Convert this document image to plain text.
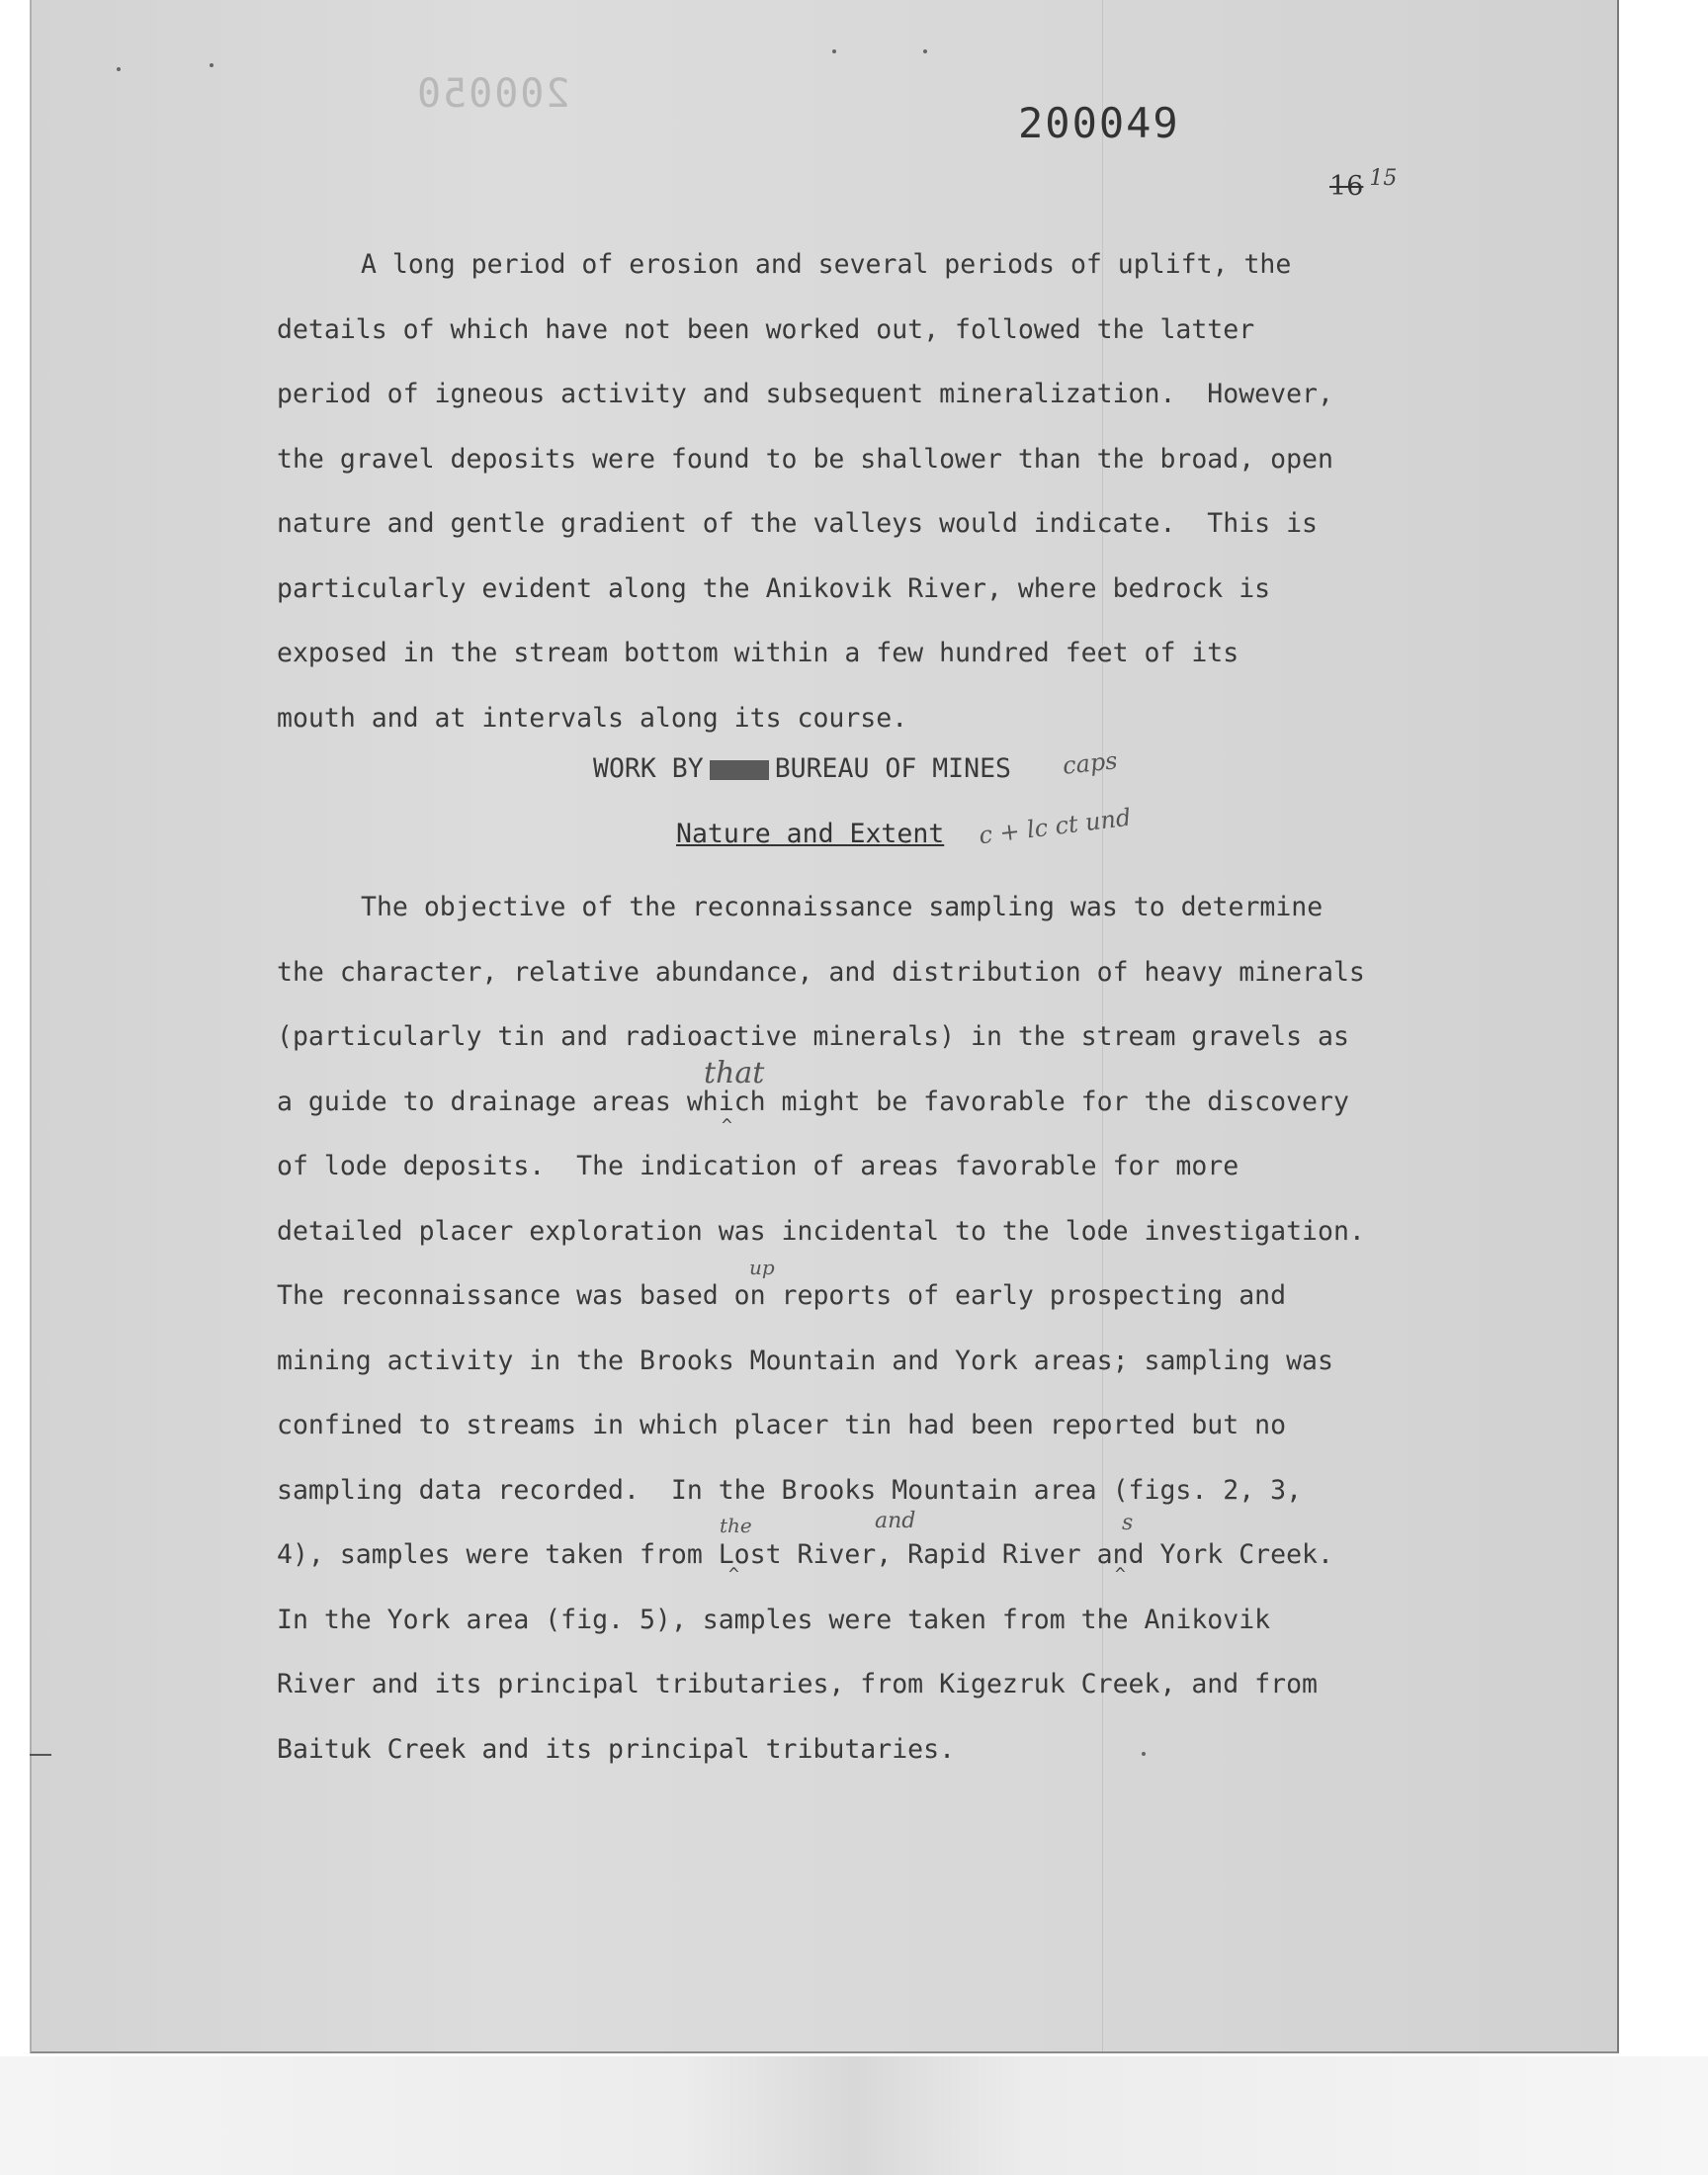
200050
200049
16 $^{15}$

A long period of erosion and several periods of uplift, the
details of which have not been worked out, followed the latter
period of igneous activity and subsequent mineralization.  However,
the gravel deposits were found to be shallower than the broad, open
nature and gentle gradient of the valleys would indicate.  This is
particularly evident along the Anikovik River, where bedrock is
exposed in the stream bottom within a few hundred feet of its
mouth and at intervals along its course.

WORK BY	BUREAU OF MINES caps
Nature and Extent c + lc ct und

The objective of the reconnaissance sampling was to determine
the character, relative abundance, and distribution of heavy minerals
(particularly tin and radioactive minerals) in the stream gravels as
a guide to drainage areas which might be favorable for the discovery
of lode deposits.  The indication of areas favorable for more
detailed placer exploration was incidental to the lode investigation.
The reconnaissance was based on reports of early prospecting and
mining activity in the Brooks Mountain and York areas; sampling was
confined to streams in which placer tin had been reported but no
sampling data recorded.  In the Brooks Mountain area (figs. 2, 3,
4), samples were taken from Lost River, Rapid River and York Creek.
In the York area (fig. 5), samples were taken from the Anikovik
River and its principal tributaries, from Kigezruk Creek, and from
Baituk Creek and its principal tributaries.

that
^
up
the	and	s
^	^
